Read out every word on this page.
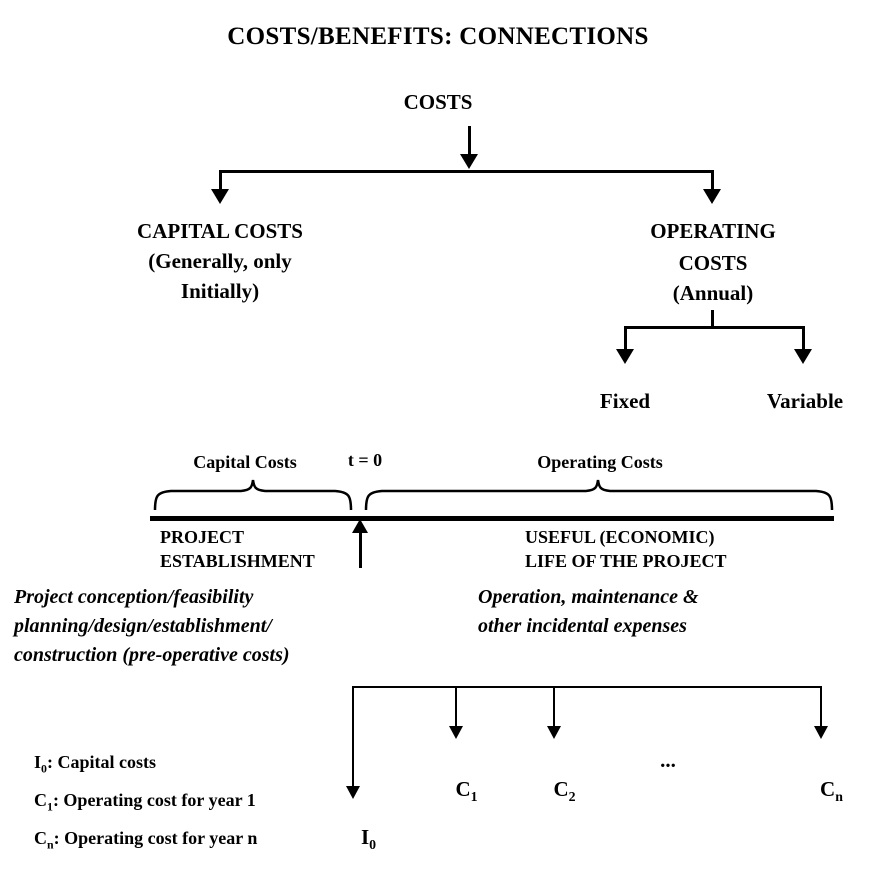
COSTS/BENEFITS: CONNECTIONS
COSTS
CAPITAL COSTS
(Generally, only
Initially)
OPERATING
COSTS
(Annual)
Fixed	Variable
Capital Costs	t = 0	Operating Costs
PROJECT
ESTABLISHMENT
USEFUL (ECONOMIC)
LIFE OF THE PROJECT
Project conception/feasibility
planning/design/establishment/
construction (pre-operative costs)
Operation, maintenance &
other incidental expenses

$C_1$
	$C_2$

...

$C_n$

$I_0$

$I_0$: Capital costs

$C_1$: Operating cost for year 1

$C_n$: Operating cost for year n
